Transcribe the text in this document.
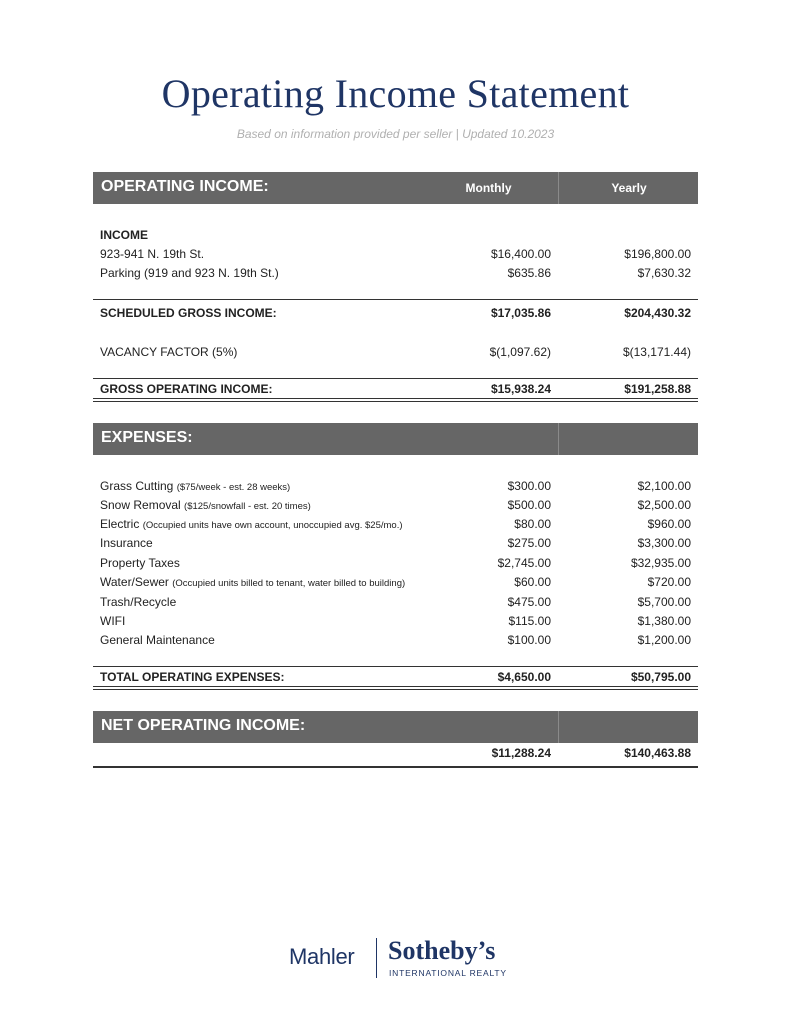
Operating Income Statement
Based on information provided per seller | Updated 10.2023
OPERATING INCOME:	Monthly	Yearly
INCOME
923-941 N. 19th St.	$16,400.00	$196,800.00
Parking (919 and 923 N. 19th St.)	$635.86	$7,630.32
SCHEDULED GROSS INCOME:	$17,035.86	$204,430.32
VACANCY FACTOR (5%)	$(1,097.62)	$(13,171.44)
GROSS OPERATING INCOME:	$15,938.24	$191,258.88
EXPENSES:
Grass Cutting ($75/week - est. 28 weeks)	$300.00	$2,100.00
Snow Removal ($125/snowfall - est. 20 times)	$500.00	$2,500.00
Electric (Occupied units have own account, unoccupied avg. $25/mo.)	$80.00	$960.00
Insurance	$275.00	$3,300.00
Property Taxes	$2,745.00	$32,935.00
Water/Sewer (Occupied units billed to tenant, water billed to building)	$60.00	$720.00
Trash/Recycle	$475.00	$5,700.00
WIFI	$115.00	$1,380.00
General Maintenance	$100.00	$1,200.00
TOTAL OPERATING EXPENSES:	$4,650.00	$50,795.00
NET OPERATING INCOME:
$11,288.24	$140,463.88
Mahler Sotheby’s
INTERNATIONAL REALTY
